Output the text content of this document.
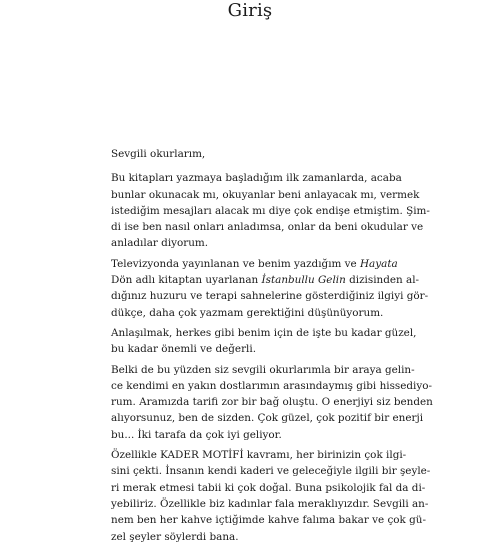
Giriş

Sevgili okurlarım,

Bu kitapları yazmaya başladığım ilk zamanlarda, acaba
bunlar okunacak mı, okuyanlar beni anlayacak mı, vermek
istediğim mesajları alacak mı diye çok endişe etmiştim. Şim-
di ise ben nasıl onları anladımsa, onlar da beni okudular ve
anladılar diyorum.

Televizyonda yayınlanan ve benim yazdığım ve Hayata
Dön adlı kitaptan uyarlanan İstanbullu Gelin dizisinden al-
dığınız huzuru ve terapi sahnelerine gösterdiğiniz ilgiyi gör-
dükçe, daha çok yazmam gerektiğini düşünüyorum.

Anlaşılmak, herkes gibi benim için de işte bu kadar güzel,
bu kadar önemli ve değerli.

Belki de bu yüzden siz sevgili okurlarımla bir araya gelin-
ce kendimi en yakın dostlarımın arasındaymış gibi hissediyo-
rum. Aramızda tarifi zor bir bağ oluştu. O enerjiyi siz benden
alıyorsunuz, ben de sizden. Çok güzel, çok pozitif bir enerji
bu... İki tarafa da çok iyi geliyor.

Özellikle KADER MOTİFİ kavramı, her birinizin çok ilgi-
sini çekti. İnsanın kendi kaderi ve geleceğiyle ilgili bir şeyle-
ri merak etmesi tabii ki çok doğal. Buna psikolojik fal da di-
yebiliriz. Özellikle biz kadınlar fala meraklıyızdır. Sevgili an-
nem ben her kahve içtiğimde kahve falıma bakar ve çok gü-
zel şeyler söylerdi bana.
